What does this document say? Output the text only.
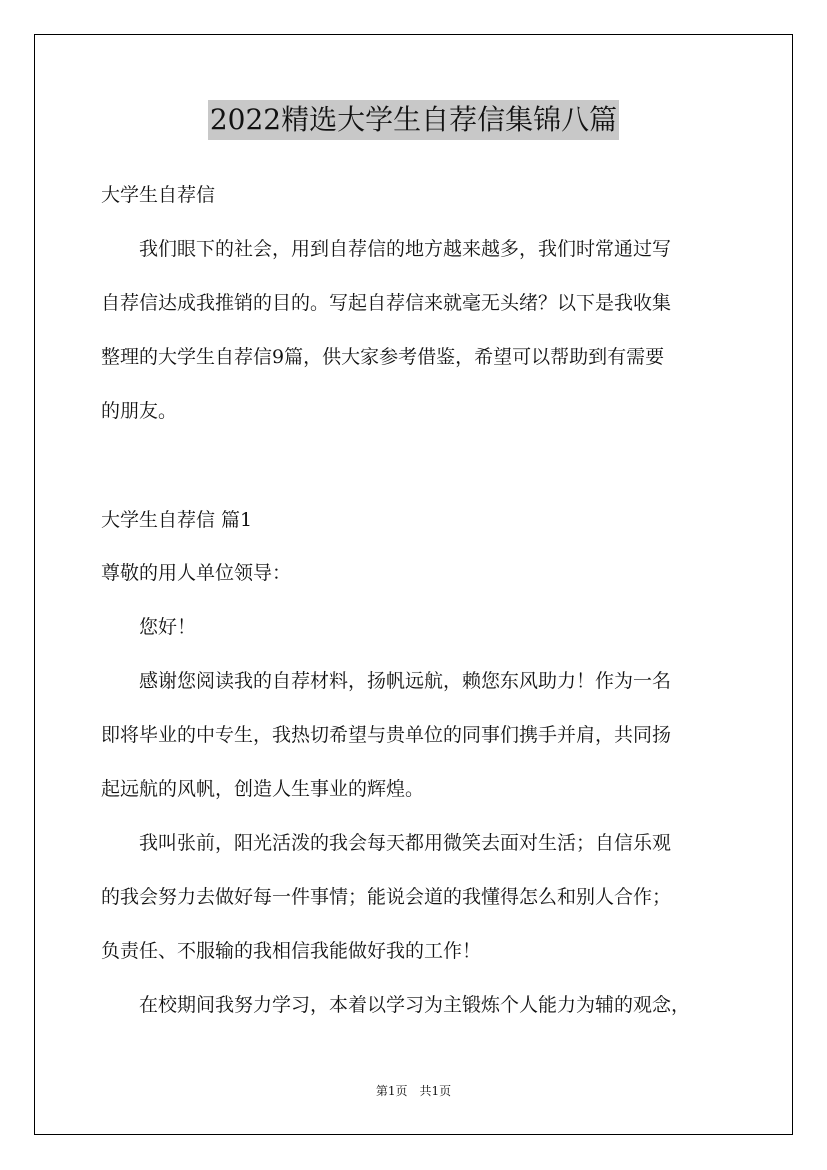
2022精选大学生自荐信集锦八篇
大学生自荐信
　　我们眼下的社会，用到自荐信的地方越来越多，我们时常通过写
自荐信达成我推销的目的。写起自荐信来就毫无头绪？以下是我收集
整理的大学生自荐信9篇，供大家参考借鉴，希望可以帮助到有需要
的朋友。
大学生自荐信 篇1
尊敬的用人单位领导：
　　您好！
　　感谢您阅读我的自荐材料，扬帆远航，赖您东风助力！作为一名
即将毕业的中专生，我热切希望与贵单位的同事们携手并肩，共同扬
起远航的风帆，创造人生事业的辉煌。
　　我叫张前，阳光活泼的我会每天都用微笑去面对生活；自信乐观
的我会努力去做好每一件事情；能说会道的我懂得怎么和别人合作；
负责任、不服输的我相信我能做好我的工作！
　　在校期间我努力学习，本着以学习为主锻炼个人能力为辅的观念，
第1页　共1页
